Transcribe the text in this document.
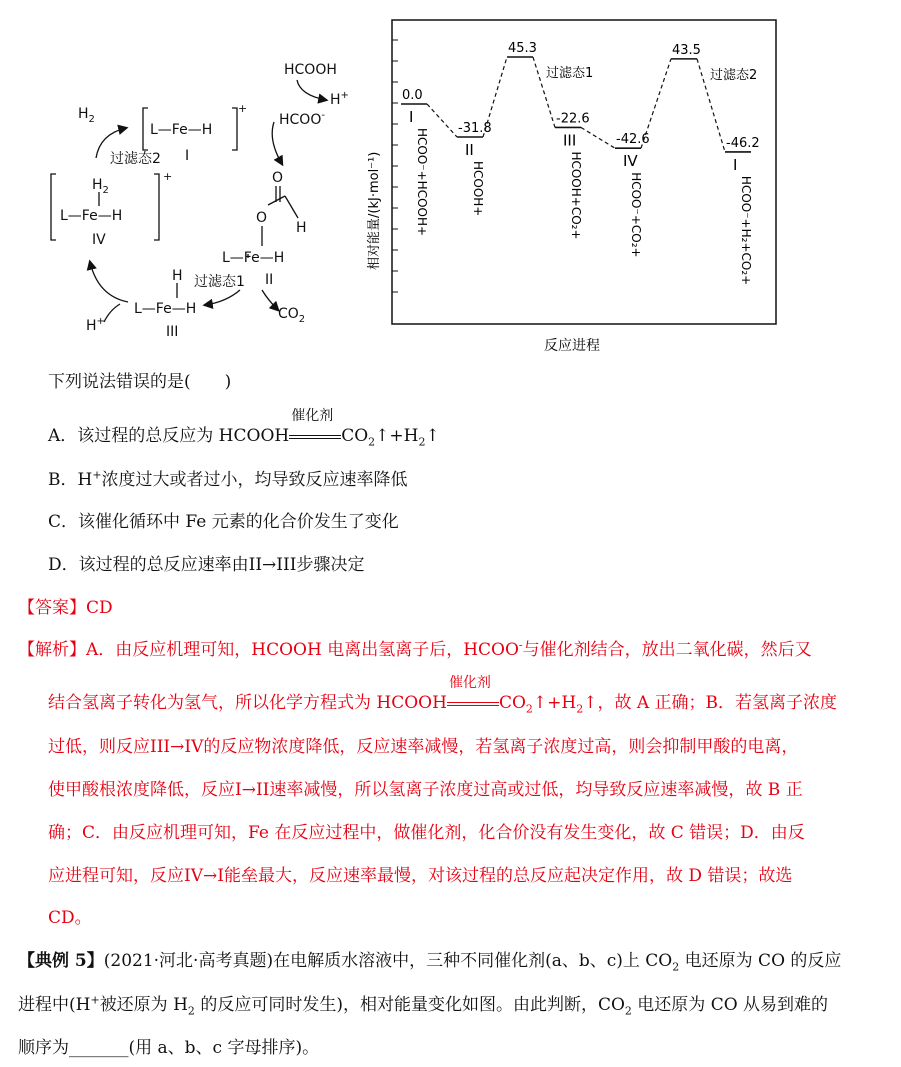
HCOOH
H+
HCOO-
$H_2$
过滤态2
L—Fe—H
I
+
$H_2$
L—Fe—H
IV
+	O
O
H
L—Fe—H
II
过滤态1
$CO_2$
H
L—Fe—H
III
H+
相对能量/(kJ·mol⁻¹)
反应进程
0.0
I
HCOO⁻+HCOOH+ -31.8
II
HCOOH+
45.3
过滤态1
-22.6
III
HCOOH+CO₂+
-42.6
IV
HCOO⁻+CO₂+
43.5
过滤态2
-46.2
I
HCOO⁻+H₂+CO₂+
下列说法错误的是(　　)
A．该过程的总反应为 HCOOH
催化剂
$CO_2↑+H_2↑$
B．H+浓度过大或者过小，均导致反应速率降低
C．该催化循环中 Fe 元素的化合价发生了变化
D．该过程的总反应速率由II→III步骤决定
【答案】CD
【解析】A．由反应机理可知，HCOOH 电离出氢离子后，HCOO-与催化剂结合，放出二氧化碳，然后又
结合氢离子转化为氢气，所以化学方程式为 HCOOH
催化剂
$CO_2↑+H_2↑$，故 A 正确；B．若氢离子浓度
过低，则反应III→IV的反应物浓度降低，反应速率减慢，若氢离子浓度过高，则会抑制甲酸的电离，
使甲酸根浓度降低，反应I→II速率减慢，所以氢离子浓度过高或过低，均导致反应速率减慢，故 B 正
确；C．由反应机理可知，Fe 在反应过程中，做催化剂，化合价没有发生变化，故 C 错误；D．由反
应进程可知，反应IV→I能垒最大，反应速率最慢，对该过程的总反应起决定作用，故 D 错误；故选
CD。
【典例 5】(2021·河北·高考真题)在电解质水溶液中，三种不同催化剂(a、b、c)上 $CO_2$ 电还原为 CO 的反应
进程中(H+被还原为 $H_2$ 的反应可同时发生)，相对能量变化如图。由此判断，$CO_2$ 电还原为 CO 从易到难的
顺序为_______(用 a、b、c 字母排序)。
